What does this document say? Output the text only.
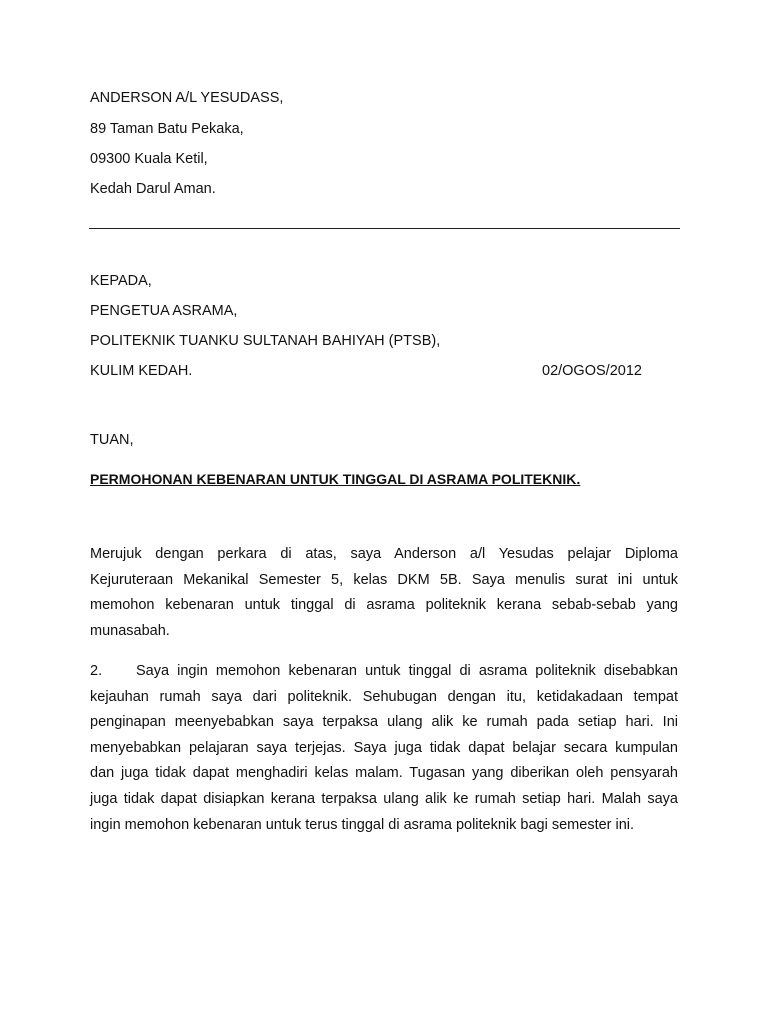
ANDERSON A/L YESUDASS,
89 Taman Batu Pekaka,
09300 Kuala Ketil,
Kedah Darul Aman.
KEPADA,
PENGETUA ASRAMA,
POLITEKNIK TUANKU SULTANAH BAHIYAH (PTSB),
KULIM KEDAH.	02/OGOS/2012
TUAN,
PERMOHONAN KEBENARAN UNTUK TINGGAL DI ASRAMA POLITEKNIK.
Merujuk dengan perkara di atas, saya Anderson a/l Yesudas pelajar Diploma
Kejuruteraan Mekanikal Semester 5, kelas DKM 5B. Saya menulis surat ini untuk
memohon kebenaran untuk tinggal di asrama politeknik kerana sebab-sebab yang
munasabah.
2. Saya ingin memohon kebenaran untuk tinggal di asrama politeknik disebabkan
kejauhan rumah saya dari politeknik. Sehubugan dengan itu, ketidakadaan tempat
penginapan meenyebabkan saya terpaksa ulang alik ke rumah pada setiap hari. Ini
menyebabkan pelajaran saya terjejas. Saya juga tidak dapat belajar secara kumpulan
dan juga tidak dapat menghadiri kelas malam. Tugasan yang diberikan oleh pensyarah
juga tidak dapat disiapkan kerana terpaksa ulang alik ke rumah setiap hari. Malah saya
ingin memohon kebenaran untuk terus tinggal di asrama politeknik bagi semester ini.
